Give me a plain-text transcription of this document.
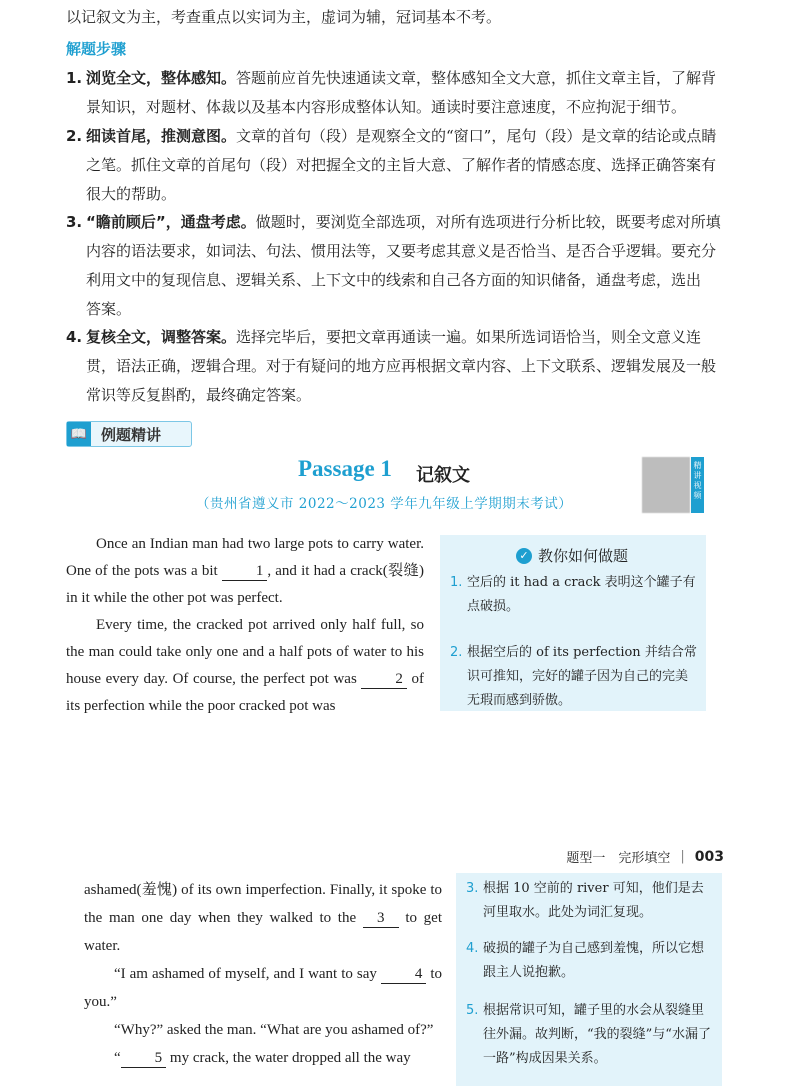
以记叙文为主，考查重点以实词为主，虚词为辅，冠词基本不考。
解题步骤
1. 浏览全文，整体感知。答题前应首先快速通读文章，整体感知全文大意，抓住文章主旨，了解背
景知识，对题材、体裁以及基本内容形成整体认知。通读时要注意速度，不应拘泥于细节。
2. 细读首尾，推测意图。文章的首句（段）是观察全文的“窗口”，尾句（段）是文章的结论或点睛
之笔。抓住文章的首尾句（段）对把握全文的主旨大意、了解作者的情感态度、选择正确答案有
很大的帮助。
3. “瞻前顾后”，通盘考虑。做题时，要浏览全部选项，对所有选项进行分析比较，既要考虑对所填
内容的语法要求，如词法、句法、惯用法等，又要考虑其意义是否恰当、是否合乎逻辑。要充分
利用文中的复现信息、逻辑关系、上下文中的线索和自己各方面的知识储备，通盘考虑，选出
答案。
4. 复核全文，调整答案。选择完毕后，要把文章再通读一遍。如果所选词语恰当，则全文意义连
贯，语法正确，逻辑合理。对于有疑问的地方应再根据文章内容、上下文联系、逻辑发展及一般
常识等反复斟酌，最终确定答案。
📖 例题精讲
Passage 1 记叙文
（贵州省遵义市 2022～2023 学年九年级上学期期末考试）
精讲视频

Once an Indian man had two large pots to carry water. One of the pots was a bit 1 , and it had a crack(裂缝) in it while the other pot was perfect.

Every time, the cracked pot arrived only half full, so the man could take only one and a half pots of water to his house every day. Of course, the perfect pot was 2 of its perfection while the poor cracked pot was

✓ 教你如何做题
1. 空后的 it had a crack 表明这个罐子有点破损。
2. 根据空后的 of its perfection 并结合常识可推知，完好的罐子因为自己的完美无瑕而感到骄傲。
题型一　完形填空 | 003

ashamed(羞愧) of its own imperfection. Finally, it spoke to the man one day when they walked to the 3 to get water.

“I am ashamed of myself, and I want to say 4 to you.”

“Why?” asked the man. “What are you ashamed of?”

“ 5 my crack, the water dropped all the way

3. 根据 10 空前的 river 可知，他们是去河里取水。此处为词汇复现。
4. 破损的罐子为自己感到羞愧，所以它想跟主人说抱歉。
5. 根据常识可知，罐子里的水会从裂缝里往外漏。故判断，“我的裂缝”与“水漏了一路”构成因果关系。
